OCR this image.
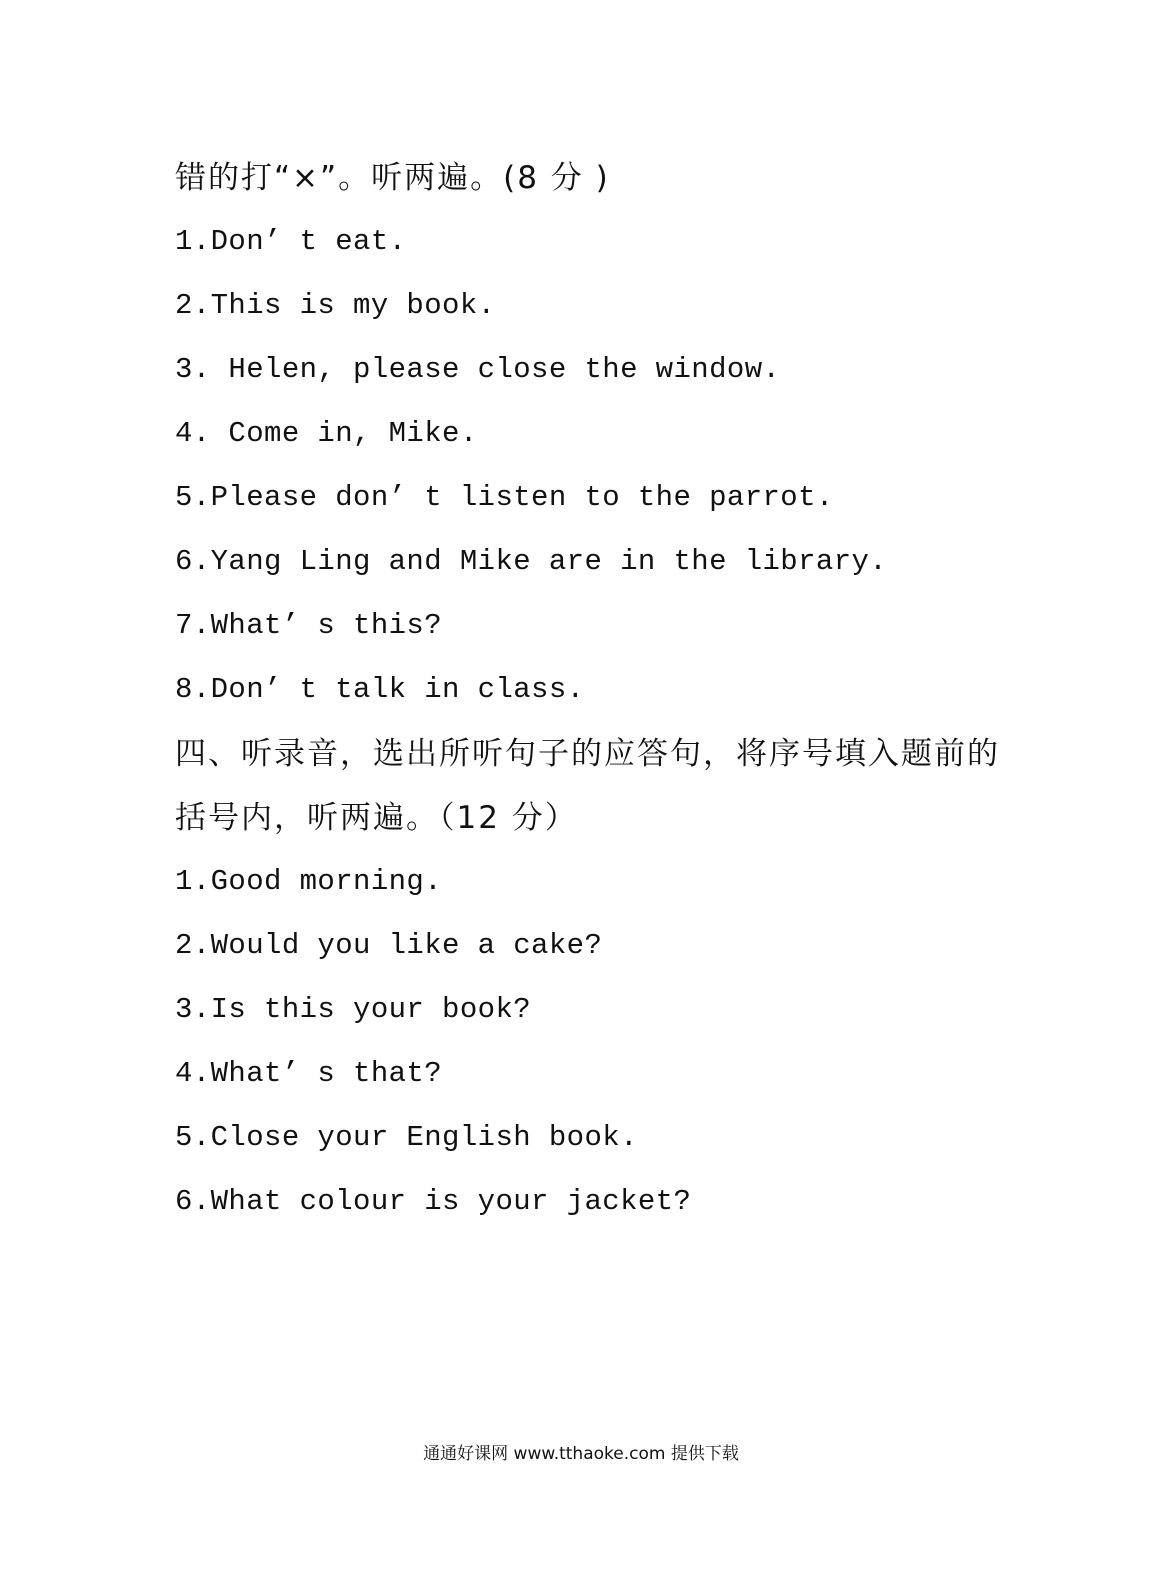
错的打“×”。听两遍。(8 分 )
1.Don’ t eat.
2.This is my book.
3. Helen, please close the window.
4. Come in, Mike.
5.Please don’ t listen to the parrot.
6.Yang Ling and Mike are in the library.
7.What’ s this?
8.Don’ t talk in class.
四、听录音，选出所听句子的应答句，将序号填入题前的
括号内，听两遍。（12 分）
1.Good morning.
2.Would you like a cake?
3.Is this your book?
4.What’ s that?
5.Close your English book.
6.What colour is your jacket?
通通好课网 www.tthaoke.com 提供下载
